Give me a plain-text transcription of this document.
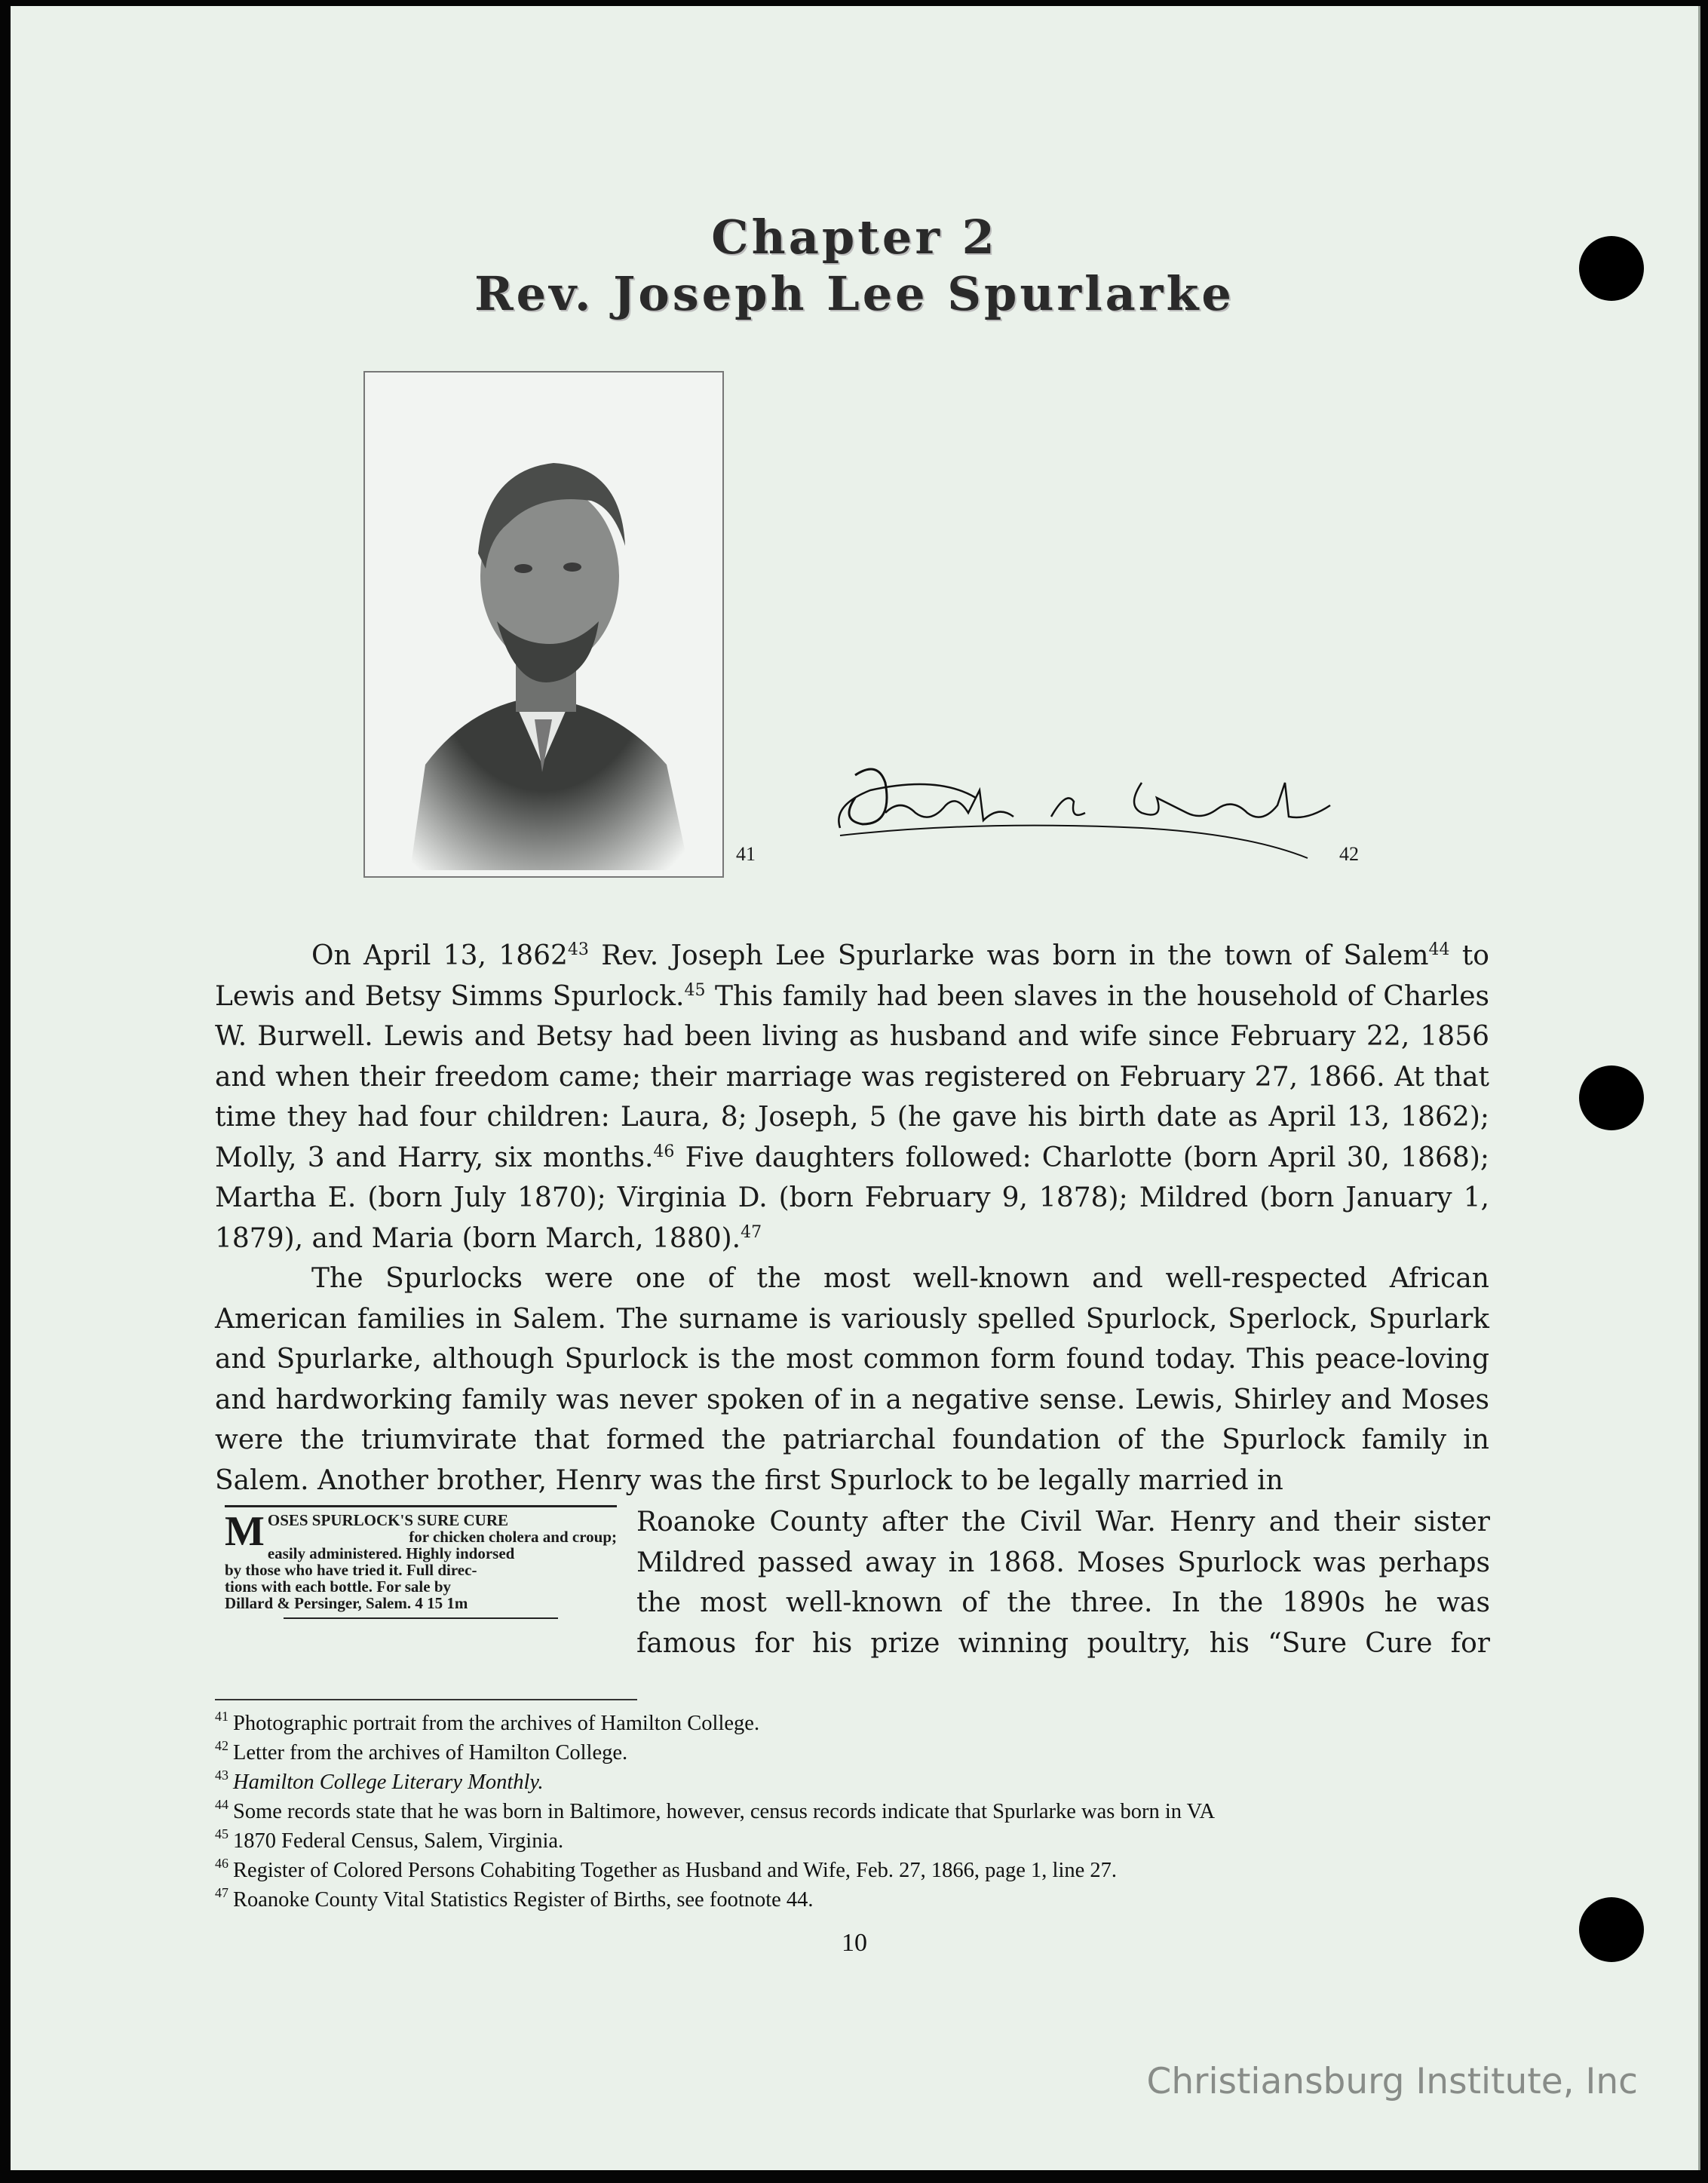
Chapter 2
Rev. Joseph Lee Spurlarke
41	42

On April 13, 1862$^{43}$ Rev. Joseph Lee Spurlarke was born in the town of Salem$^{44}$ to Lewis and Betsy Simms Spurlock.$^{45}$ This family had been slaves in the household of Charles W. Burwell. Lewis and Betsy had been living as husband and wife since February 22, 1856 and when their freedom came; their marriage was registered on February 27, 1866. At that time they had four children: Laura, 8; Joseph, 5 (he gave his birth date as April 13, 1862); Molly, 3 and Harry, six months.$^{46}$ Five daughters followed: Charlotte (born April 30, 1868); Martha E. (born July 1870); Virginia D. (born February 9, 1878); Mildred (born January 1, 1879), and Maria (born March, 1880).$^{47}$

The Spurlocks were one of the most well-known and well-respected African American families in Salem. The surname is variously spelled Spurlock, Sperlock, Spurlark and Spurlarke, although Spurlock is the most common form found today. This peace-loving and hardworking family was never spoken of in a negative sense. Lewis, Shirley and Moses were the triumvirate that formed the patriarchal foundation of the Spurlock family in Salem. Another brother, Henry was the first Spurlock to be legally married in

Roanoke County after the Civil War. Henry and their sister
Mildred passed away in 1868. Moses Spurlock was perhaps
the most well-known of the three. In the 1890s he was
famous for his prize winning poultry, his “Sure Cure for
M OSES SPURLOCK'S SURE CURE
for chicken cholera and croup;
easily administered. Highly indorsed
by those who have tried it. Full direc-
tions with each bottle. For sale by
Dillard & Persinger, Salem. 4 15 1m
$^{41}$ Photographic portrait from the archives of Hamilton College.
$^{42}$ Letter from the archives of Hamilton College.
$^{43}$ Hamilton College Literary Monthly.
$^{44}$ Some records state that he was born in Baltimore, however, census records indicate that Spurlarke was born in VA
$^{45}$ 1870 Federal Census, Salem, Virginia.
$^{46}$ Register of Colored Persons Cohabiting Together as Husband and Wife, Feb. 27, 1866, page 1, line 27.
$^{47}$ Roanoke County Vital Statistics Register of Births, see footnote 44.
10
Christiansburg Institute, Inc
